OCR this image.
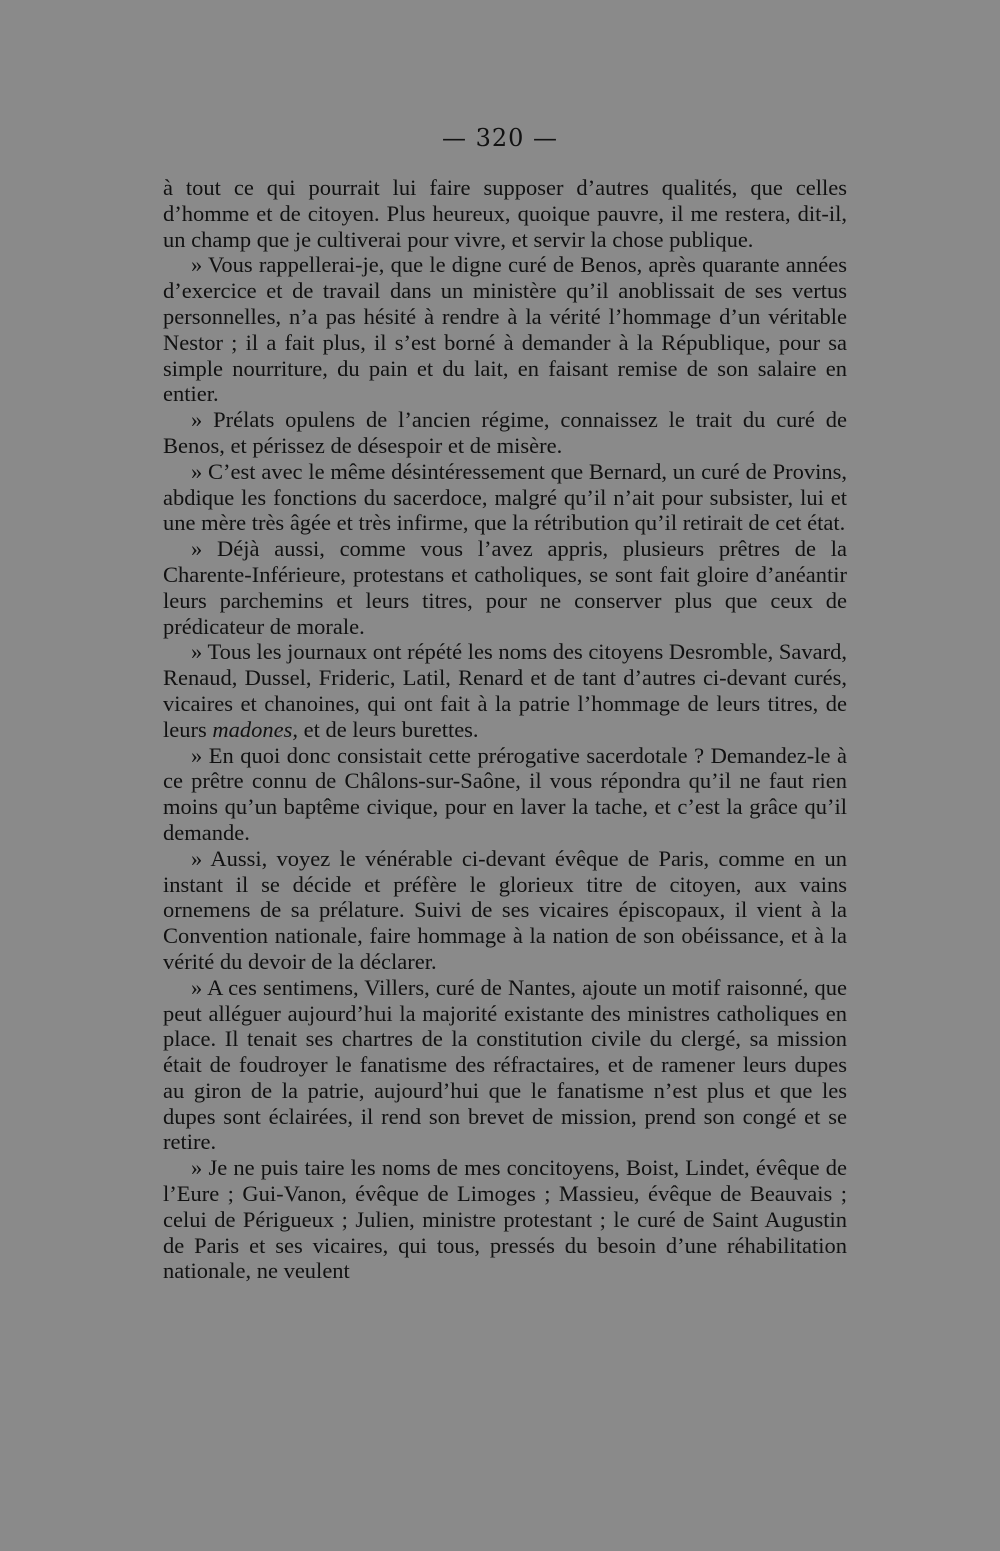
— 320 —

à tout ce qui pourrait lui faire supposer d’autres qualités, que celles d’homme et de citoyen. Plus heureux, quoique pauvre, il me restera, dit-il, un champ que je cultiverai pour vivre, et servir la chose publique.

» Vous rappellerai-je, que le digne curé de Benos, après quarante années d’exercice et de travail dans un ministère qu’il anoblissait de ses vertus personnelles, n’a pas hésité à rendre à la vérité l’hommage d’un véritable Nestor ; il a fait plus, il s’est borné à demander à la République, pour sa simple nourriture, du pain et du lait, en faisant remise de son salaire en entier.

» Prélats opulens de l’ancien régime, connaissez le trait du curé de Benos, et périssez de désespoir et de misère.

» C’est avec le même désintéressement que Bernard, un curé de Provins, abdique les fonctions du sacerdoce, malgré qu’il n’ait pour subsister, lui et une mère très âgée et très infirme, que la rétribution qu’il retirait de cet état.

» Déjà aussi, comme vous l’avez appris, plusieurs prêtres de la Charente-Inférieure, protestans et catholiques, se sont fait gloire d’anéantir leurs parchemins et leurs titres, pour ne conserver plus que ceux de prédicateur de morale.

» Tous les journaux ont répété les noms des citoyens Desromble, Savard, Renaud, Dussel, Frideric, Latil, Renard et de tant d’autres ci-devant curés, vicaires et chanoines, qui ont fait à la patrie l’hommage de leurs titres, de leurs madones, et de leurs burettes.

» En quoi donc consistait cette prérogative sacerdotale ? Demandez-le à ce prêtre connu de Châlons-sur-Saône, il vous répondra qu’il ne faut rien moins qu’un baptême civique, pour en laver la tache, et c’est la grâce qu’il demande.

» Aussi, voyez le vénérable ci-devant évêque de Paris, comme en un instant il se décide et préfère le glorieux titre de citoyen, aux vains ornemens de sa prélature. Suivi de ses vicaires épiscopaux, il vient à la Convention nationale, faire hommage à la nation de son obéissance, et à la vérité du devoir de la déclarer.

» A ces sentimens, Villers, curé de Nantes, ajoute un motif raisonné, que peut alléguer aujourd’hui la majorité existante des ministres catholiques en place. Il tenait ses chartres de la constitution civile du clergé, sa mission était de foudroyer le fanatisme des réfractaires, et de ramener leurs dupes au giron de la patrie, aujourd’hui que le fanatisme n’est plus et que les dupes sont éclairées, il rend son brevet de mission, prend son congé et se retire.

» Je ne puis taire les noms de mes concitoyens, Boist, Lindet, évêque de l’Eure ; Gui-Vanon, évêque de Limoges ; Massieu, évêque de Beauvais ; celui de Périgueux ; Julien, ministre protestant ; le curé de Saint Augustin de Paris et ses vicaires, qui tous, pressés du besoin d’une réhabilitation nationale, ne veulent
